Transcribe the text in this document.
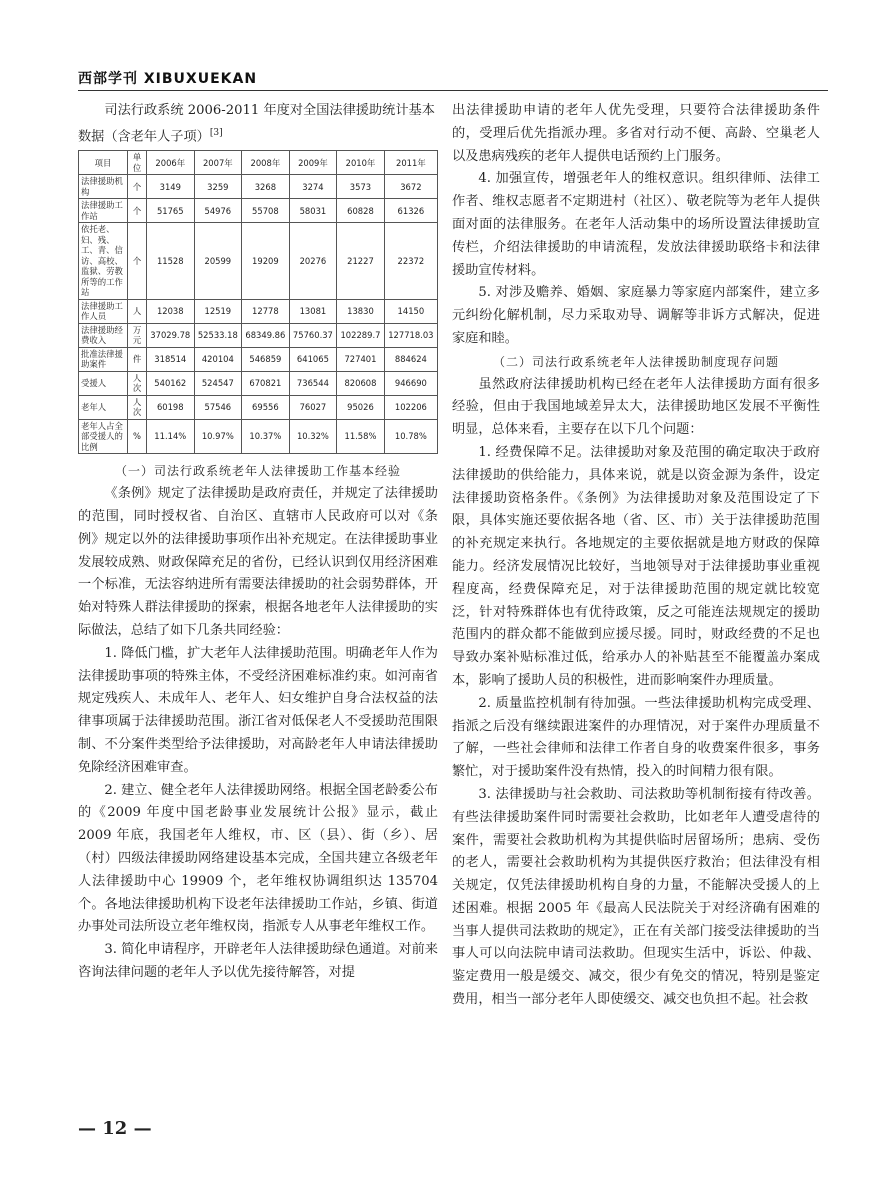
西部学刊 XIBUXUEKAN

司法行政系统 2006-2011 年度对全国法律援助统计基本数据（含老年人子项）[3]

项目	单位	2006年	2007年	2008年	2009年	2010年	2011年
法律援助机构	个	3149	3259	3268	3274	3573	3672
法律援助工作站	个	51765	54976	55708	58031	60828	61326
依托老、妇、残、工、青、信访、高校、监狱、劳教所等的工作站	个	11528	20599	19209	20276	21227	22372
法律援助工作人员	人	12038	12519	12778	13081	13830	14150
法律援助经费收入	万元	37029.78	52533.18	68349.86	75760.37	102289.7	127718.03
批准法律援助案件	件	318514	420104	546859	641065	727401	884624
受援人	人次	540162	524547	670821	736544	820608	946690
老年人	人次	60198	57546	69556	76027	95026	102206
老年人占全部受援人的比例	%	11.14%	10.97%	10.37%	10.32%	11.58%	10.78%

（一）司法行政系统老年人法律援助工作基本经验

《条例》规定了法律援助是政府责任，并规定了法律援助的范围，同时授权省、自治区、直辖市人民政府可以对《条例》规定以外的法律援助事项作出补充规定。在法律援助事业发展较成熟、财政保障充足的省份，已经认识到仅用经济困难一个标准，无法容纳进所有需要法律援助的社会弱势群体，开始对特殊人群法律援助的探索，根据各地老年人法律援助的实际做法，总结了如下几条共同经验：

1. 降低门槛，扩大老年人法律援助范围。明确老年人作为法律援助事项的特殊主体，不受经济困难标准约束。如河南省规定残疾人、未成年人、老年人、妇女维护自身合法权益的法律事项属于法律援助范围。浙江省对低保老人不受援助范围限制、不分案件类型给予法律援助，对高龄老年人申请法律援助免除经济困难审查。

2. 建立、健全老年人法律援助网络。根据全国老龄委公布的《2009 年度中国老龄事业发展统计公报》显示，截止 2009 年底，我国老年人维权，市、区（县）、街（乡）、居（村）四级法律援助网络建设基本完成，全国共建立各级老年人法律援助中心 19909 个，老年维权协调组织达 135704 个。各地法律援助机构下设老年法律援助工作站，乡镇、街道办事处司法所设立老年维权岗，指派专人从事老年维权工作。

3. 简化申请程序，开辟老年人法律援助绿色通道。对前来咨询法律问题的老年人予以优先接待解答，对提

出法律援助申请的老年人优先受理，只要符合法律援助条件的，受理后优先指派办理。多省对行动不便、高龄、空巢老人以及患病残疾的老年人提供电话预约上门服务。

4. 加强宣传，增强老年人的维权意识。组织律师、法律工作者、维权志愿者不定期进村（社区）、敬老院等为老年人提供面对面的法律服务。在老年人活动集中的场所设置法律援助宣传栏，介绍法律援助的申请流程，发放法律援助联络卡和法律援助宣传材料。

5. 对涉及赡养、婚姻、家庭暴力等家庭内部案件，建立多元纠纷化解机制，尽力采取劝导、调解等非诉方式解决，促进家庭和睦。

（二）司法行政系统老年人法律援助制度现存问题

虽然政府法律援助机构已经在老年人法律援助方面有很多经验，但由于我国地域差异太大，法律援助地区发展不平衡性明显，总体来看，主要存在以下几个问题：

1. 经费保障不足。法律援助对象及范围的确定取决于政府法律援助的供给能力，具体来说，就是以资金源为条件，设定法律援助资格条件。《条例》为法律援助对象及范围设定了下限，具体实施还要依据各地（省、区、市）关于法律援助范围的补充规定来执行。各地规定的主要依据就是地方财政的保障能力。经济发展情况比较好，当地领导对于法律援助事业重视程度高，经费保障充足，对于法律援助范围的规定就比较宽泛，针对特殊群体也有优待政策，反之可能连法规规定的援助范围内的群众都不能做到应援尽援。同时，财政经费的不足也导致办案补贴标准过低，给承办人的补贴甚至不能覆盖办案成本，影响了援助人员的积极性，进而影响案件办理质量。

2. 质量监控机制有待加强。一些法律援助机构完成受理、指派之后没有继续跟进案件的办理情况，对于案件办理质量不了解，一些社会律师和法律工作者自身的收费案件很多，事务繁忙，对于援助案件没有热情，投入的时间精力很有限。

3. 法律援助与社会救助、司法救助等机制衔接有待改善。有些法律援助案件同时需要社会救助，比如老年人遭受虐待的案件，需要社会救助机构为其提供临时居留场所；患病、受伤的老人，需要社会救助机构为其提供医疗救治；但法律没有相关规定，仅凭法律援助机构自身的力量，不能解决受援人的上述困难。根据 2005 年《最高人民法院关于对经济确有困难的当事人提供司法救助的规定》，正在有关部门接受法律援助的当事人可以向法院申请司法救助。但现实生活中，诉讼、仲裁、鉴定费用一般是缓交、减交，很少有免交的情况，特别是鉴定费用，相当一部分老年人即使缓交、减交也负担不起。社会救

— 12 —
